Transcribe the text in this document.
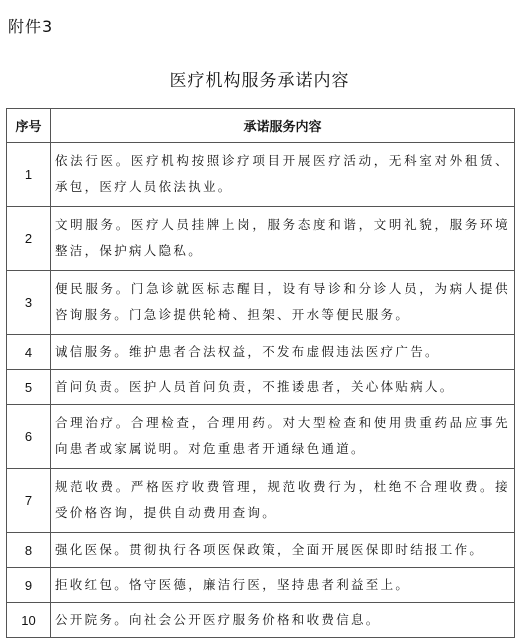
附件3
医疗机构服务承诺内容
序号	承诺服务内容
1	依法行医。医疗机构按照诊疗项目开展医疗活动，无科室对外租赁、承包，医疗人员依法执业。
2	文明服务。医疗人员挂牌上岗，服务态度和谐，文明礼貌，服务环境整洁，保护病人隐私。
3	便民服务。门急诊就医标志醒目，设有导诊和分诊人员，为病人提供咨询服务。门急诊提供轮椅、担架、开水等便民服务。
4	诚信服务。维护患者合法权益，不发布虚假违法医疗广告。
5	首问负责。医护人员首问负责，不推诿患者，关心体贴病人。
6	合理治疗。合理检查，合理用药。对大型检查和使用贵重药品应事先向患者或家属说明。对危重患者开通绿色通道。
7	规范收费。严格医疗收费管理，规范收费行为，杜绝不合理收费。接受价格咨询，提供自动费用查询。
8	强化医保。贯彻执行各项医保政策，全面开展医保即时结报工作。
9	拒收红包。恪守医德，廉洁行医，坚持患者利益至上。
10	公开院务。向社会公开医疗服务价格和收费信息。
